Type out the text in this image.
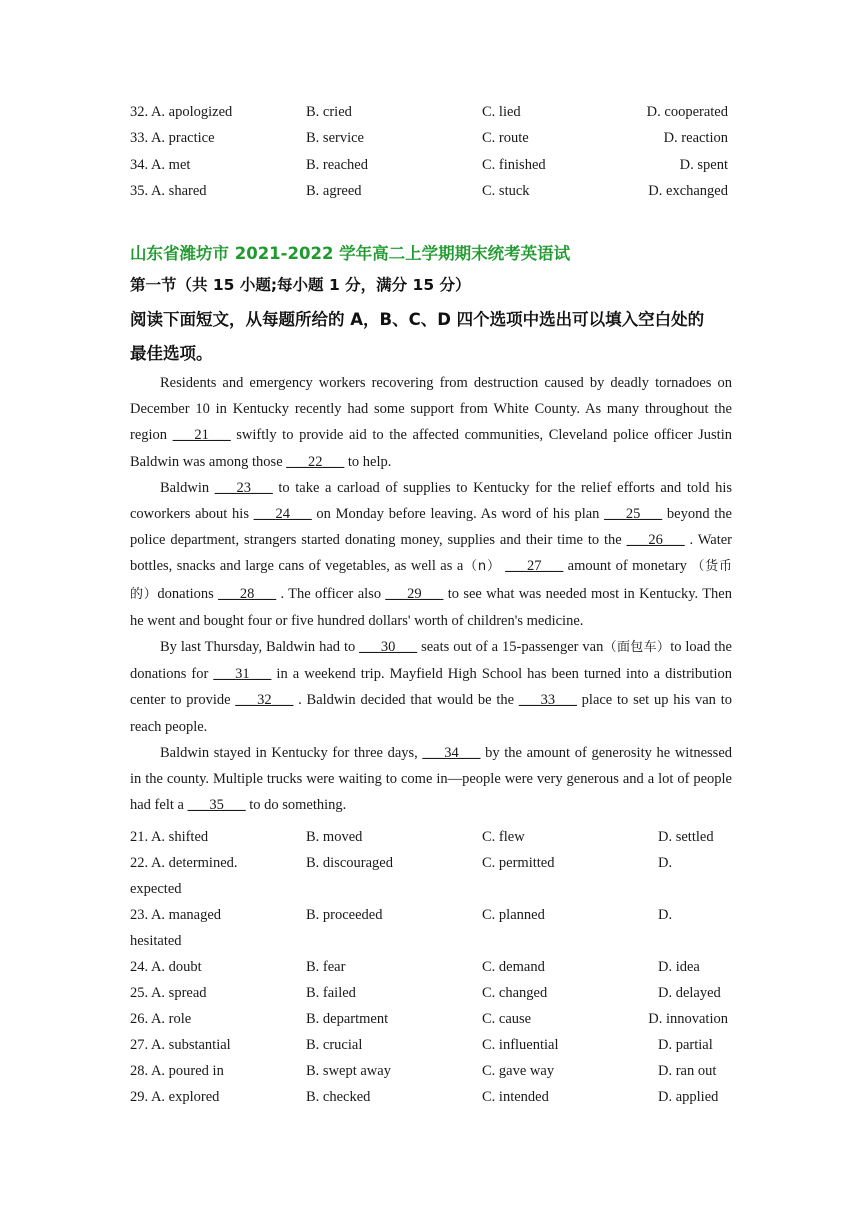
32. A. apologized	B. cried	C. lied	D. cooperated
33. A. practice	B. service	C. route	D. reaction
34. A. met	B. reached	C. finished	D. spent
35. A. shared	B. agreed	C. stuck	D. exchanged
山东省潍坊市 2021-2022 学年高二上学期期末统考英语试
第一节（共 15 小题;每小题 1 分，满分 15 分）
阅读下面短文，从每题所给的 A，B、C、D 四个选项中选出可以填入空白处的
最佳选项。

Residents and emergency workers recovering from destruction caused by deadly tornadoes on December 10 in Kentucky recently had some support from White County. As many throughout the region ___21___ swiftly to provide aid to the affected communities, Cleveland police officer Justin Baldwin was among those ___22___ to help.

Baldwin ___23___ to take a carload of supplies to Kentucky for the relief efforts and told his coworkers about his ___24___ on Monday before leaving. As word of his plan ___25___ beyond the police department, strangers started donating money, supplies and their time to the ___26___ . Water bottles, snacks and large cans of vegetables, as well as a（n） ___27___ amount of monetary （货币的）donations ___28___ . The officer also ___29___ to see what was needed most in Kentucky. Then he went and bought four or five hundred dollars' worth of children's medicine.

By last Thursday, Baldwin had to ___30___ seats out of a 15-passenger van（面包车）to load the donations for ___31___ in a weekend trip. Mayfield High School has been turned into a distribution center to provide ___32___ . Baldwin decided that would be the ___33___ place to set up his van to reach people.

Baldwin stayed in Kentucky for three days, ___34___ by the amount of generosity he witnessed in the county. Multiple trucks were waiting to come in—people were very generous and a lot of people had felt a ___35___ to do something.

21. A. shifted	B. moved	C. flew	D. settled
22. A. determined.	B. discouraged	C. permitted	D.
expected
23. A. managed	B. proceeded	C. planned	D.
hesitated
24. A. doubt	B. fear	C. demand	D. idea
25. A. spread	B. failed	C. changed	D. delayed
26. A. role	B. department	C. cause	D. innovation
27. A. substantial	B. crucial	C. influential	D. partial
28. A. poured in	B. swept away	C. gave way	D. ran out
29. A. explored	B. checked	C. intended	D. applied
